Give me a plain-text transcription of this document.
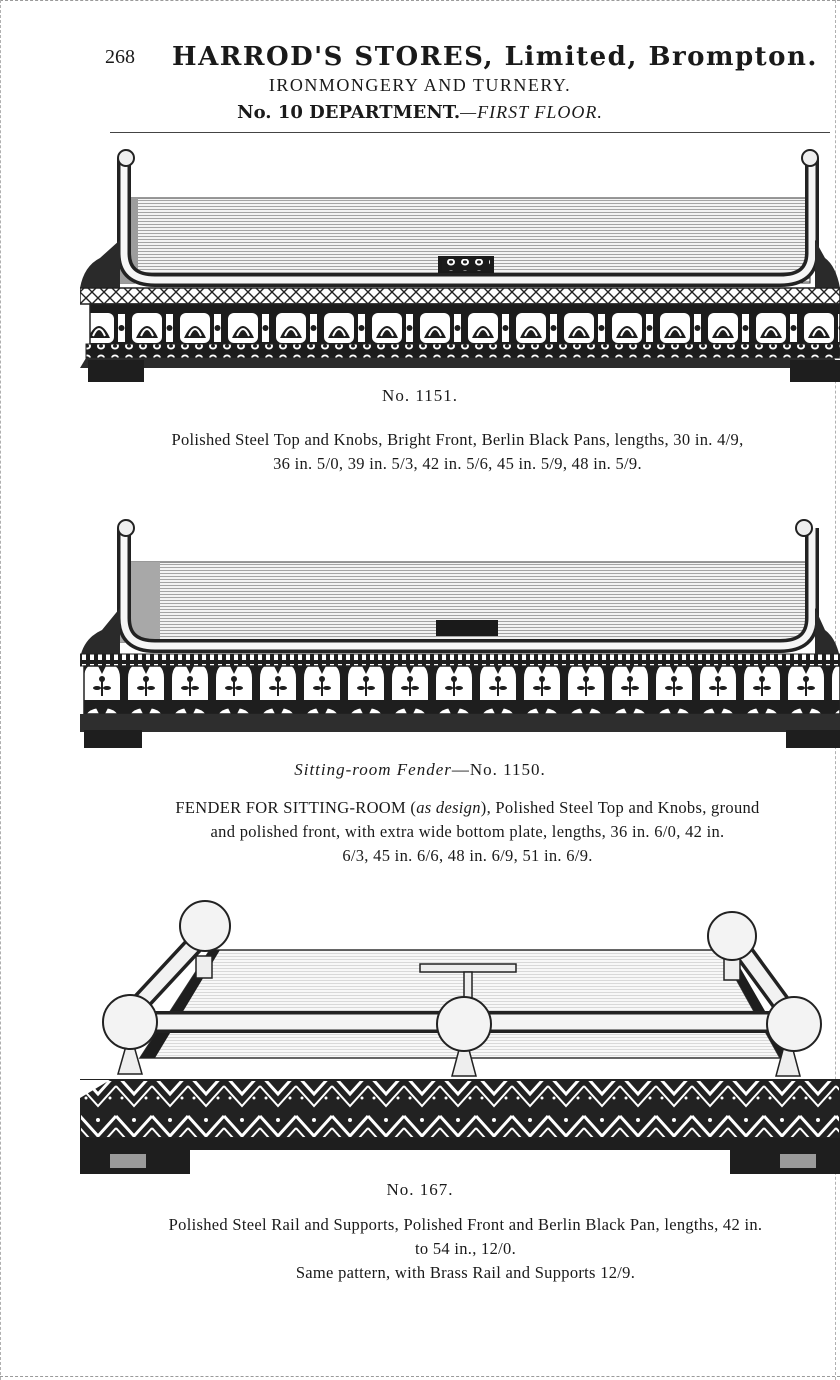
268 HARROD'S STORES, Limited, Brompton.
IRONMONGERY AND TURNERY.
No. 10 DEPARTMENT.—FIRST FLOOR.
No. 1151.
Polished Steel Top and Knobs, Bright Front, Berlin Black Pans, lengths, 30 in. 4/9,
36 in. 5/0, 39 in. 5/3, 42 in. 5/6, 45 in. 5/9, 48 in. 5/9.
Sitting-room Fender—No. 1150.
FENDER FOR SITTING-ROOM (as design), Polished Steel Top and Knobs, ground
and polished front, with extra wide bottom plate, lengths, 36 in. 6/0, 42 in.
6/3, 45 in. 6/6, 48 in. 6/9, 51 in. 6/9.
No. 167.
Polished Steel Rail and Supports, Polished Front and Berlin Black Pan, lengths, 42 in.
to 54 in., 12/0.
Same pattern, with Brass Rail and Supports 12/9.
